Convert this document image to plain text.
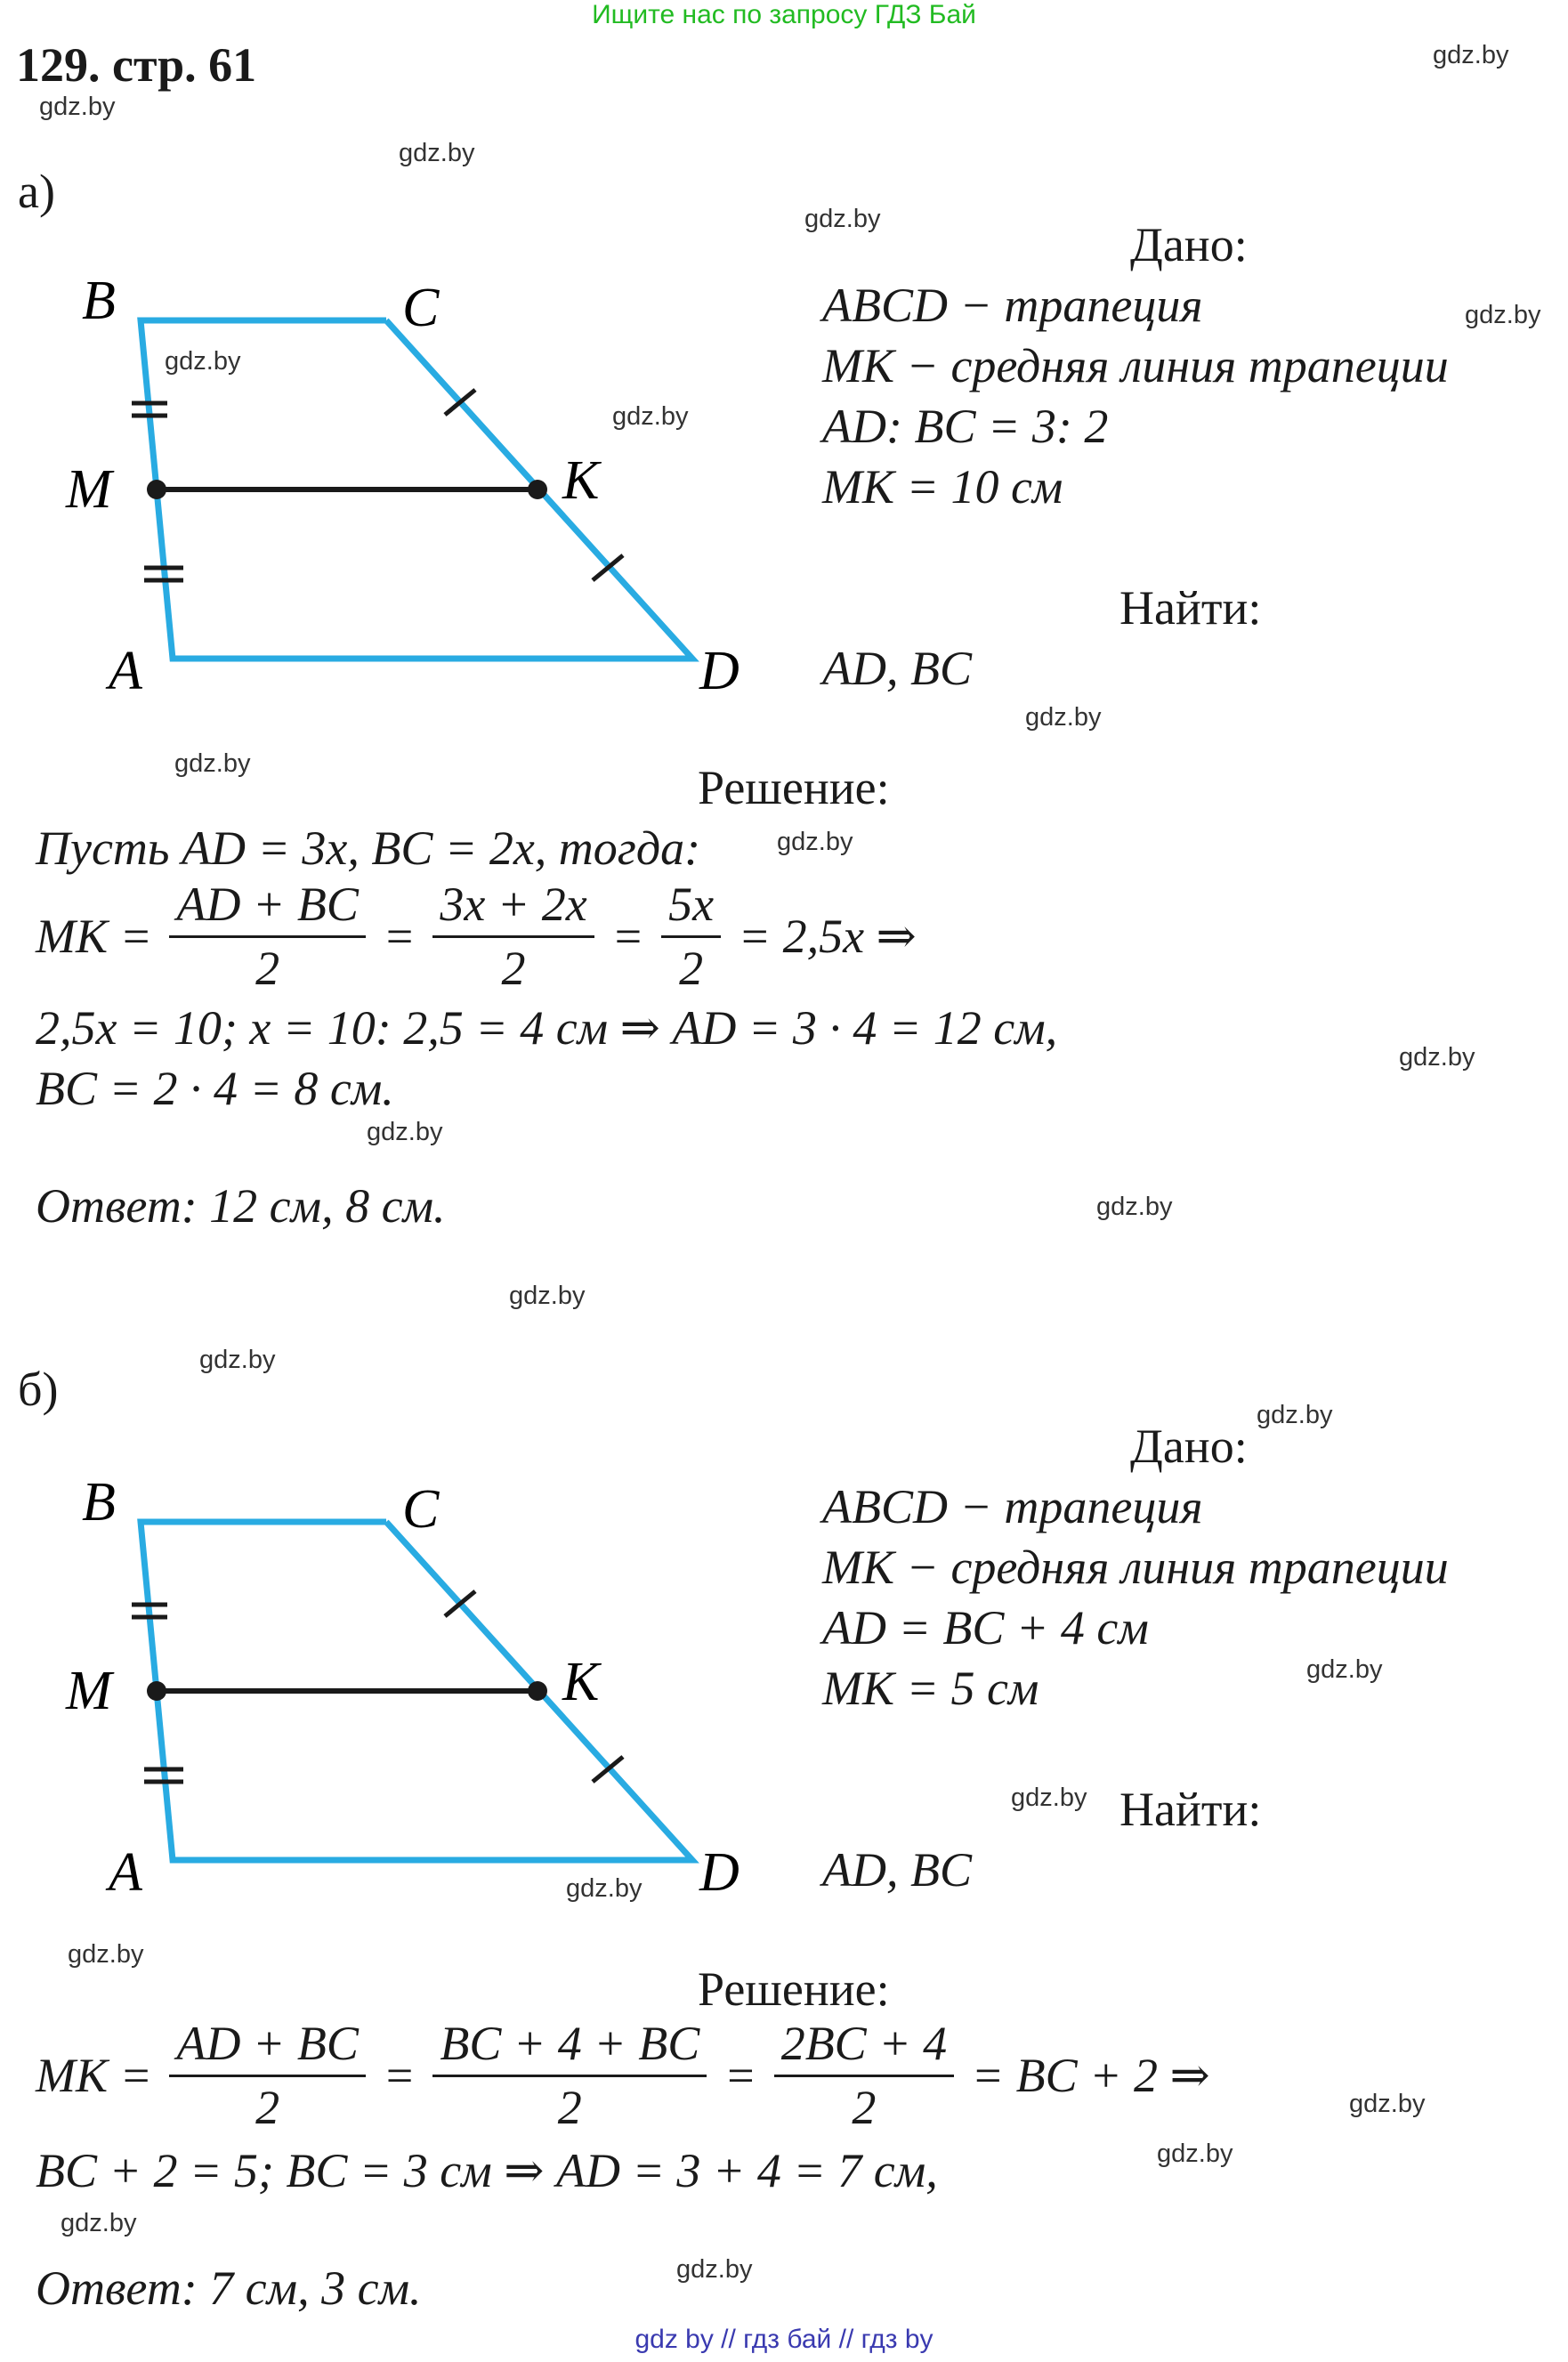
Ищите нас по запросу ГДЗ Бай
129. стр. 61	gdz.by
gdz.by
gdz.by
gdz.by
gdz.by
gdz.by
gdz.by
gdz.by
gdz.by
gdz.by
gdz.by
gdz.by
gdz.by
gdz.by
gdz.by
gdz.by
gdz.by
gdz.by
gdz.by
gdz.by
gdz.by
gdz.by
gdz.by
gdz.by
а)
B	C
M	K
A	D
Дано:
ABCD − трапеция
MK − средняя линия трапеции
AD: BC = 3: 2
MK = 10 см
Найти:
AD, BC
Решение:
Пусть AD = 3x, BC = 2x, тогда:
MK = $\frac{AD + BC}{2} = \frac{3x + 2x}{2} = \frac{5x}{2} = 2,5x$ ⇒
2,5x = 10; x = 10: 2,5 = 4 см ⇒ AD = 3 · 4 = 12 см,
BC = 2 · 4 = 8 см.
Ответ: 12 см, 8 см.
б)
B	C
M	K
A	D
Дано:
ABCD − трапеция
MK − средняя линия трапеции
AD = BC + 4 см
MK = 5 см
Найти:
AD, BC
Решение:
MK = $\frac{AD + BC}{2} = \frac{BC + 4 + BC}{2} = \frac{2BC + 4}{2}$ = BC + 2 ⇒
BC + 2 = 5; BC = 3 см ⇒ AD = 3 + 4 = 7 см,
Ответ: 7 см, 3 см.
gdz by // гдз бай // гдз by
